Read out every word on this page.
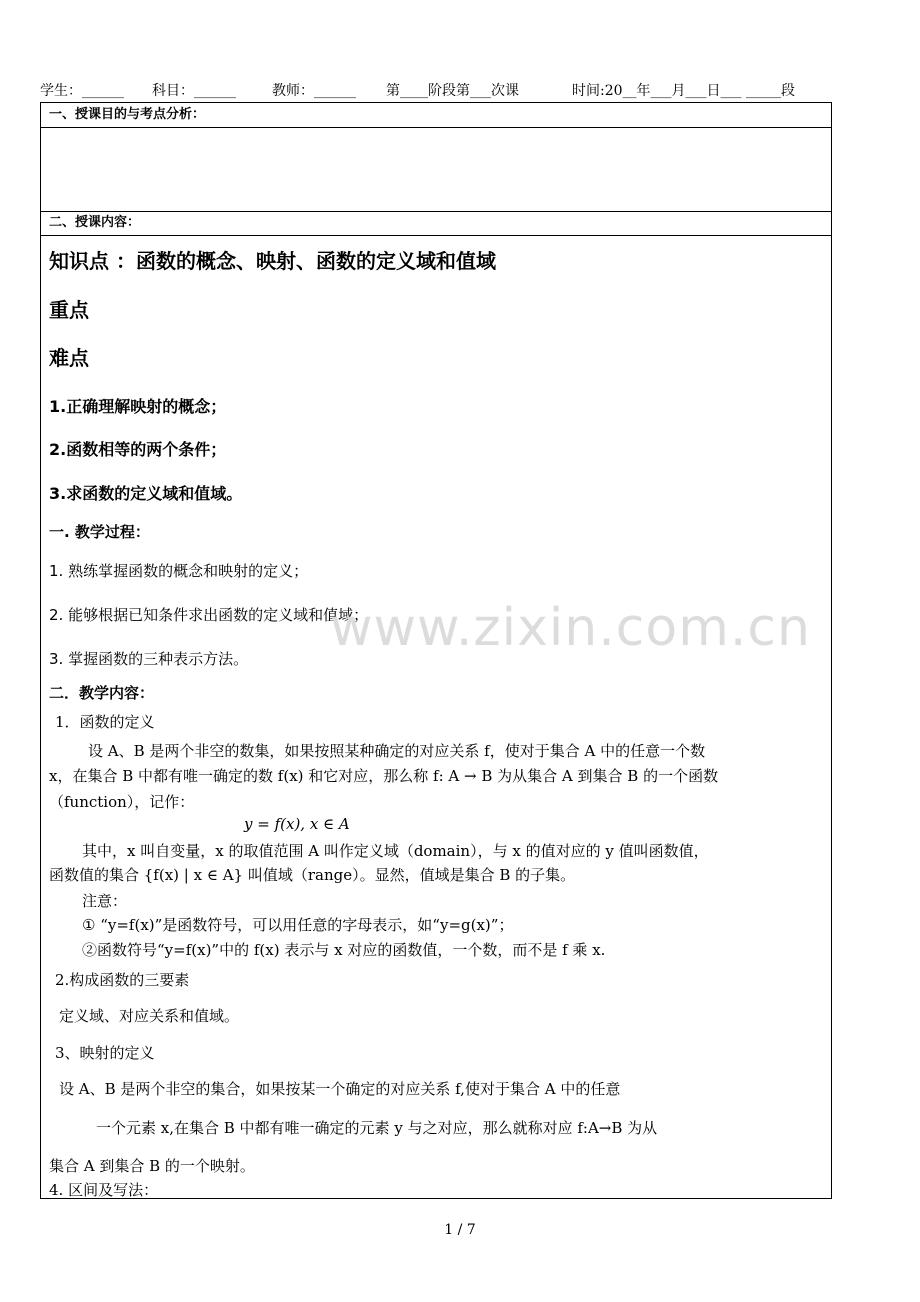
学生：______ 科目：______	教师：______ 第____阶段第___次课	时间:20__年___月___日___ _____段
一、授课目的与考点分析：
二、授课内容：
知识点 ：函数的概念、映射、函数的定义域和值域
重点
难点
1.正确理解映射的概念；
2.函数相等的两个条件；
3.求函数的定义域和值域。
一. 教学过程：
1. 熟练掌握函数的概念和映射的定义；
2. 能够根据已知条件求出函数的定义域和值域；
3. 掌握函数的三种表示方法。
二．教学内容：
1．函数的定义
设 A、B 是两个非空的数集，如果按照某种确定的对应关系 f，使对于集合 A 中的任意一个数
x，在集合 B 中都有唯一确定的数 f(x) 和它对应，那么称 f: A → B 为从集合 A 到集合 B 的一个函数
（function），记作：
y = f(x), x ∈ A
其中，x 叫自变量，x 的取值范围 A 叫作定义域（domain），与 x 的值对应的 y 值叫函数值，
函数值的集合 {f(x) | x ∈ A} 叫值域（range）。显然，值域是集合 B 的子集。
注意：
① “y=f(x)”是函数符号，可以用任意的字母表示，如“y=g(x)”；
②函数符号“y=f(x)”中的 f(x) 表示与 x 对应的函数值，一个数，而不是 f 乘 x.
2.构成函数的三要素
定义域、对应关系和值域。
3、映射的定义
设 A、B 是两个非空的集合，如果按某一个确定的对应关系 f,使对于集合 A 中的任意
一个元素 x,在集合 B 中都有唯一确定的元素 y 与之对应，那么就称对应 f:A→B 为从
集合 A 到集合 B 的一个映射。
4. 区间及写法：
www.zixin.com.cn
1 / 7
